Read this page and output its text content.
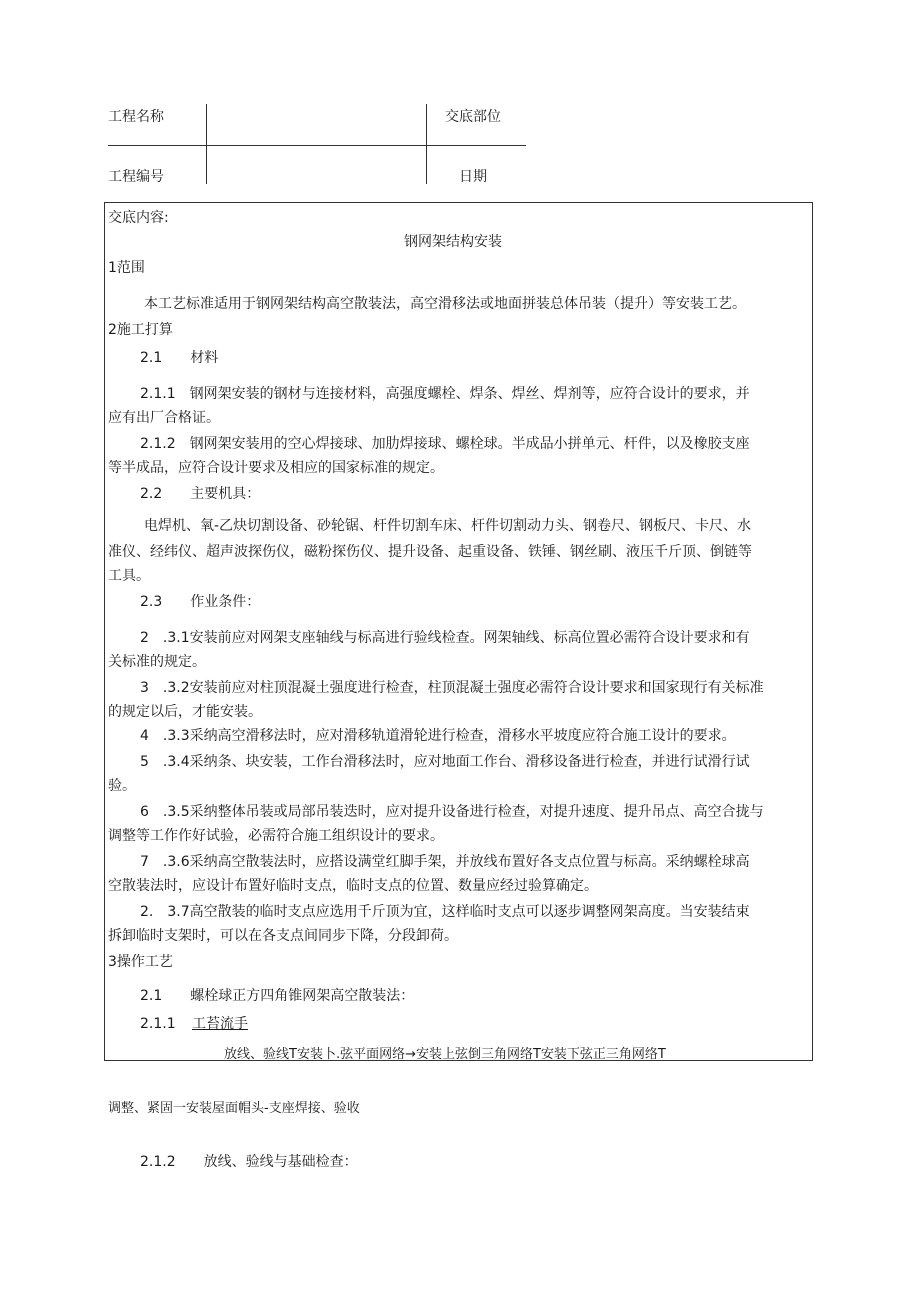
工程名称	交底部位
工程编号	日期
交底内容:
钢网架结构安装
1范围
本工艺标准适用于钢网架结构高空散装法，高空滑移法或地面拼装总体吊装（提升）等安装工艺。
2施工打算
2.1　　材料
2.1.1　钢网架安装的钢材与连接材料，高强度螺栓、焊条、焊丝、焊剂等，应符合设计的要求，并
应有出厂合格证。
2.1.2　钢网架安装用的空心焊接球、加肋焊接球、螺栓球。半成品小拼单元、杆件，以及橡胶支座
等半成品，应符合设计要求及相应的国家标准的规定。
2.2　　主要机具：
电焊机、氧-乙炔切割设备、砂轮锯、杆件切割车床、杆件切割动力头、钢卷尺、钢板尺、卡尺、水
准仪、经纬仪、超声波探伤仪，磁粉探伤仪、提升设备、起重设备、铁锤、钢丝刷、液压千斤顶、倒链等
工具。
2.3　　作业条件：
2　.3.1安装前应对网架支座轴线与标高进行验线检查。网架轴线、标高位置必需符合设计要求和有
关标准的规定。
3　.3.2安装前应对柱顶混凝土强度进行检查，柱顶混凝土强度必需符合设计要求和国家现行有关标准
的规定以后，才能安装。
4　.3.3采纳高空滑移法时，应对滑移轨道滑轮进行检查，滑移水平坡度应符合施工设计的要求。
5　.3.4采纳条、块安装，工作台滑移法时，应对地面工作台、滑移设备进行检查，并进行试滑行试
验。
6　.3.5采纳整体吊装或局部吊装迭时，应对提升设备进行检查，对提升速度、提升吊点、高空合拢与
调整等工作作好试验，必需符合施工组织设计的要求。
7　.3.6采纳高空散装法时，应搭设满堂红脚手架，并放线布置好各支点位置与标高。采纳螺栓球高
空散装法时，应设计布置好临时支点，临时支点的位置、数量应经过验算确定。
2.　3.7高空散装的临时支点应选用千斤顶为宜，这样临时支点可以逐步调整网架高度。当安装结束
拆卸临时支架时，可以在各支点间同步下降，分段卸荷。
3操作工艺
2.1　　螺栓球正方四角锥网架高空散装法：
2.1.1　 工苔流手
放线、验线T安装卜.弦平面网络→安装上弦倒三角网络T安装下弦正三角网络T
调整、紧固一安装屋面帽头-支座焊接、验收
2.1.2　　放线、验线与基础检查：
